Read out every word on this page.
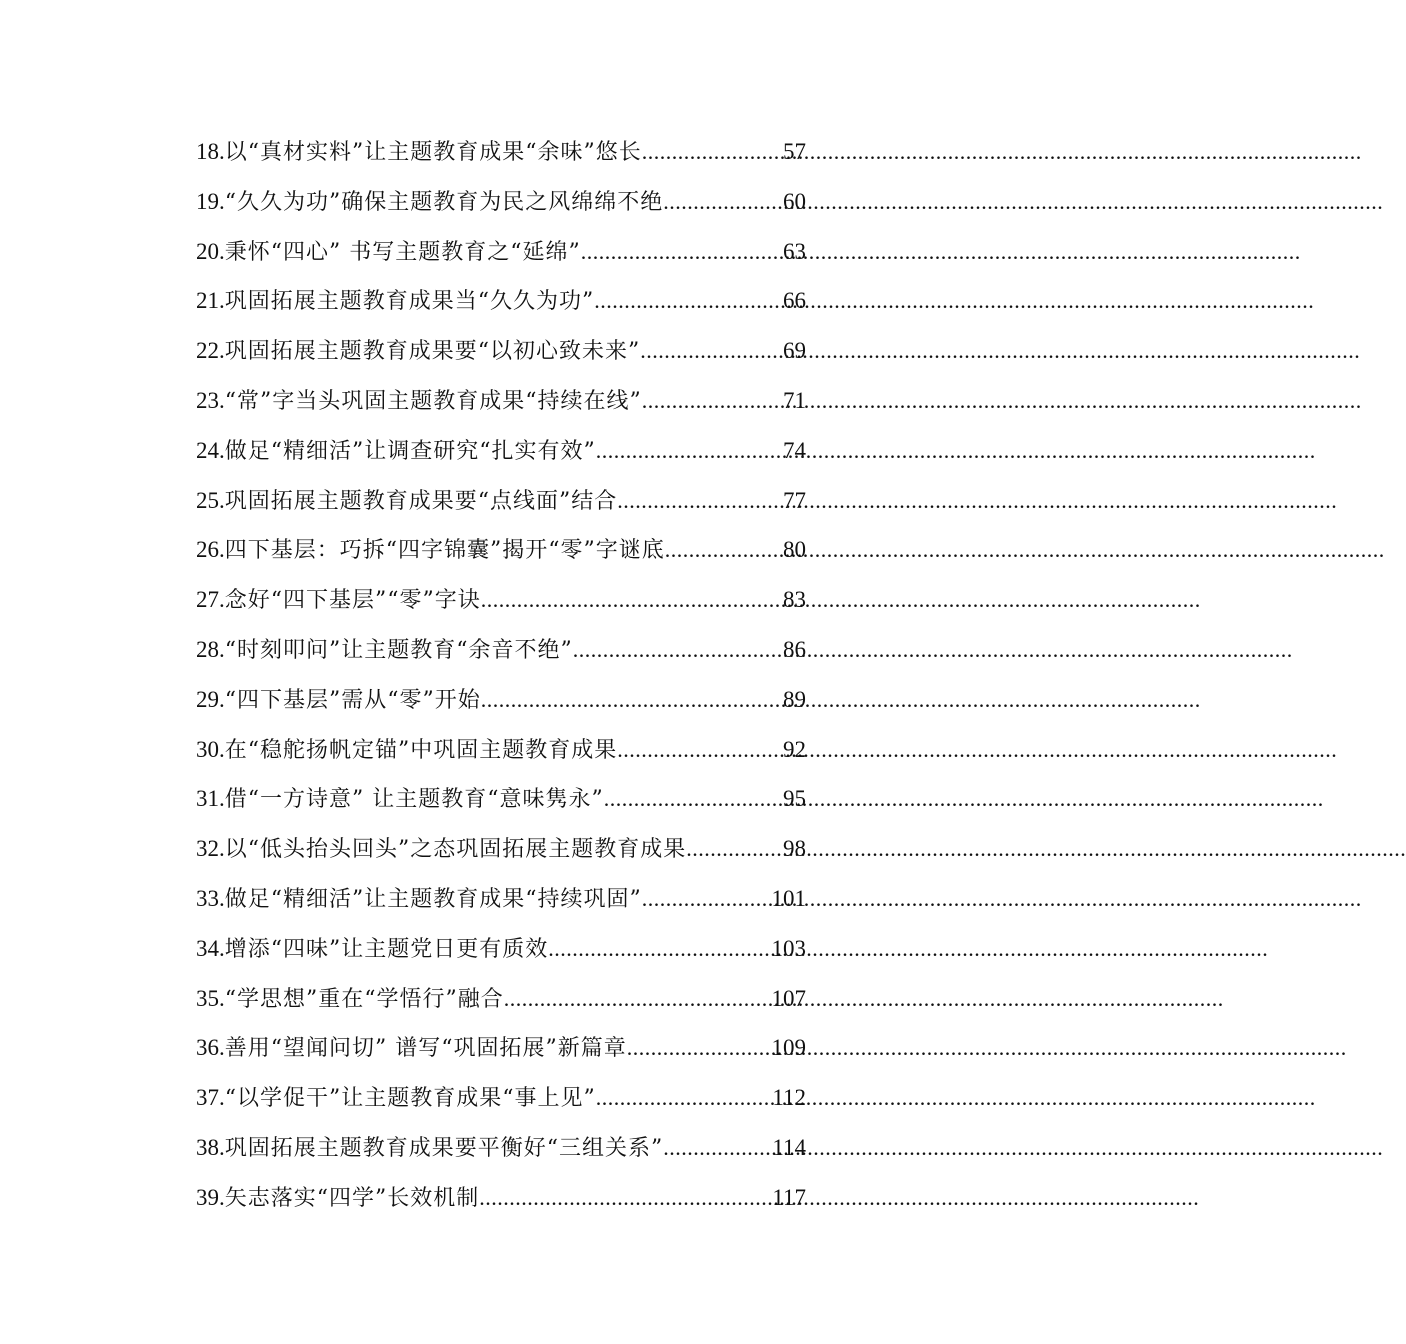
18. 以“真材实料”让主题教育成果“余味”悠长 .....	57
19. “久久为功”确保主题教育为民之风绵绵不绝 .....	60
20. 秉怀“四心” 书写主题教育之“延绵” .....	63
21. 巩固拓展主题教育成果当“久久为功” .....	66
22. 巩固拓展主题教育成果要“以初心致未来” .....	69
23. “常”字当头巩固主题教育成果“持续在线” .....	71
24. 做足“精细活”让调查研究“扎实有效” .....	74
25. 巩固拓展主题教育成果要“点线面”结合 .....	77
26. 四下基层：巧拆“四字锦囊”揭开“零”字谜底 .....	80
27. 念好“四下基层”“零”字诀 .....	83
28. “时刻叩问”让主题教育“余音不绝” .....	86
29. “四下基层”需从“零”开始 .....	89
30. 在“稳舵扬帆定锚”中巩固主题教育成果 .....	92
31. 借“一方诗意” 让主题教育“意味隽永” .....	95
32. 以“低头抬头回头”之态巩固拓展主题教育成果 .....	98
33. 做足“精细活”让主题教育成果“持续巩固” .....	101
34. 增添“四味”让主题党日更有质效 .....	103
35. “学思想”重在“学悟行”融合 .....	107
36. 善用“望闻问切” 谱写“巩固拓展”新篇章 .....	109
37. “以学促干”让主题教育成果“事上见” .....	112
38. 巩固拓展主题教育成果要平衡好“三组关系” .....	114
39. 矢志落实“四学”长效机制 .....	117
